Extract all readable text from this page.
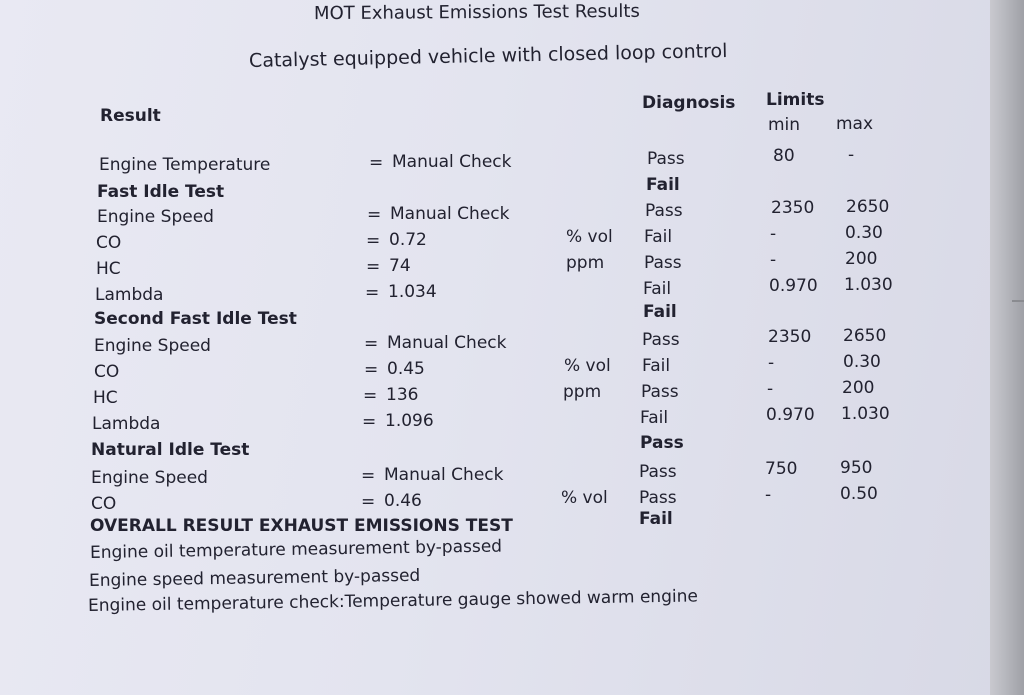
MOT Exhaust Emissions Test Results
Catalyst equipped vehicle with closed loop control
Result
Diagnosis Limits
min max
Engine Temperature	= Manual Check	Pass	80	-
Fast Idle Test	Fail
Engine Speed	= Manual Check	Pass	2350 2650
CO	= 0.72	% vol Fail	-	0.30
HC	= 74	ppm Pass	-	200
Lambda	= 1.034	Fail	0.970 1.030
Second Fast Idle Test	Fail
Engine Speed	= Manual Check	Pass	2350 2650
CO	= 0.45	% vol Fail	-	0.30
HC	= 136	ppm Pass	-	200
Lambda	= 1.096	Fail	0.970 1.030
Natural Idle Test	Pass
Engine Speed	= Manual Check	Pass	750	950
CO	= 0.46	% vol Pass	-	0.50
OVERALL RESULT EXHAUST EMISSIONS TEST	Fail
Engine oil temperature measurement by-passed
Engine speed measurement by-passed
Engine oil temperature check:Temperature gauge showed warm engine
